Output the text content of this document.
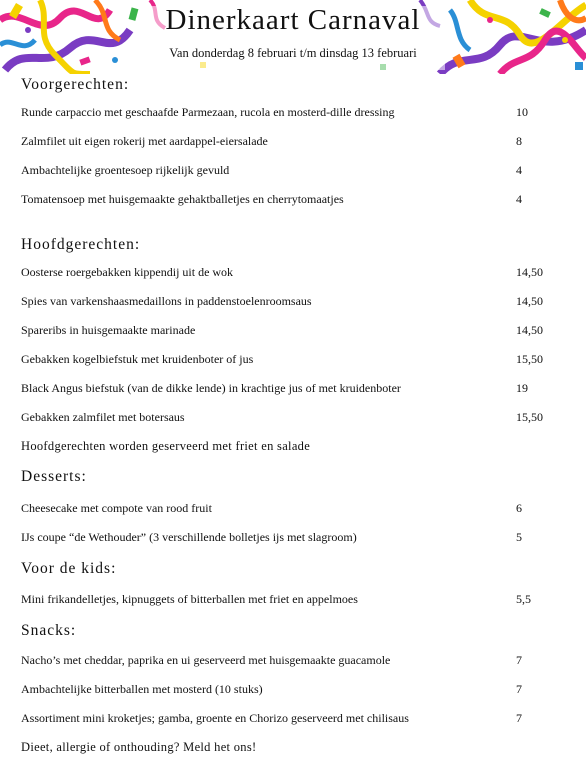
Dinerkaart Carnaval
Van donderdag 8 februari t/m dinsdag 13 februari
Voorgerechten:
Runde carpaccio met geschaafde Parmezaan, rucola en mosterd-dille dressing	10
Zalmfilet uit eigen rokerij met aardappel-eiersalade	8
Ambachtelijke groentesoep rijkelijk gevuld	4
Tomatensoep met huisgemaakte gehaktballetjes en cherrytomaatjes	4
Hoofdgerechten:
Oosterse roergebakken kippendij uit de wok	14,50
Spies van varkenshaasmedaillons in paddenstoelenroomsaus	14,50
Spareribs in huisgemaakte marinade	14,50
Gebakken kogelbiefstuk met kruidenboter of jus	15,50
Black Angus biefstuk (van de dikke lende) in krachtige jus of met kruidenboter	19
Gebakken zalmfilet met botersaus	15,50
Hoofdgerechten worden geserveerd met friet en salade
Desserts:
Cheesecake met compote van rood fruit	6
IJs coupe “de Wethouder” (3 verschillende bolletjes ijs met slagroom)	5
Voor de kids:
Mini frikandelletjes, kipnuggets of bitterballen met friet en appelmoes	5,5
Snacks:
Nacho’s met cheddar, paprika en ui geserveerd met huisgemaakte guacamole	7
Ambachtelijke bitterballen met mosterd (10 stuks)	7
Assortiment mini kroketjes; gamba, groente en Chorizo geserveerd met chilisaus	7
Dieet, allergie of onthouding? Meld het ons!
